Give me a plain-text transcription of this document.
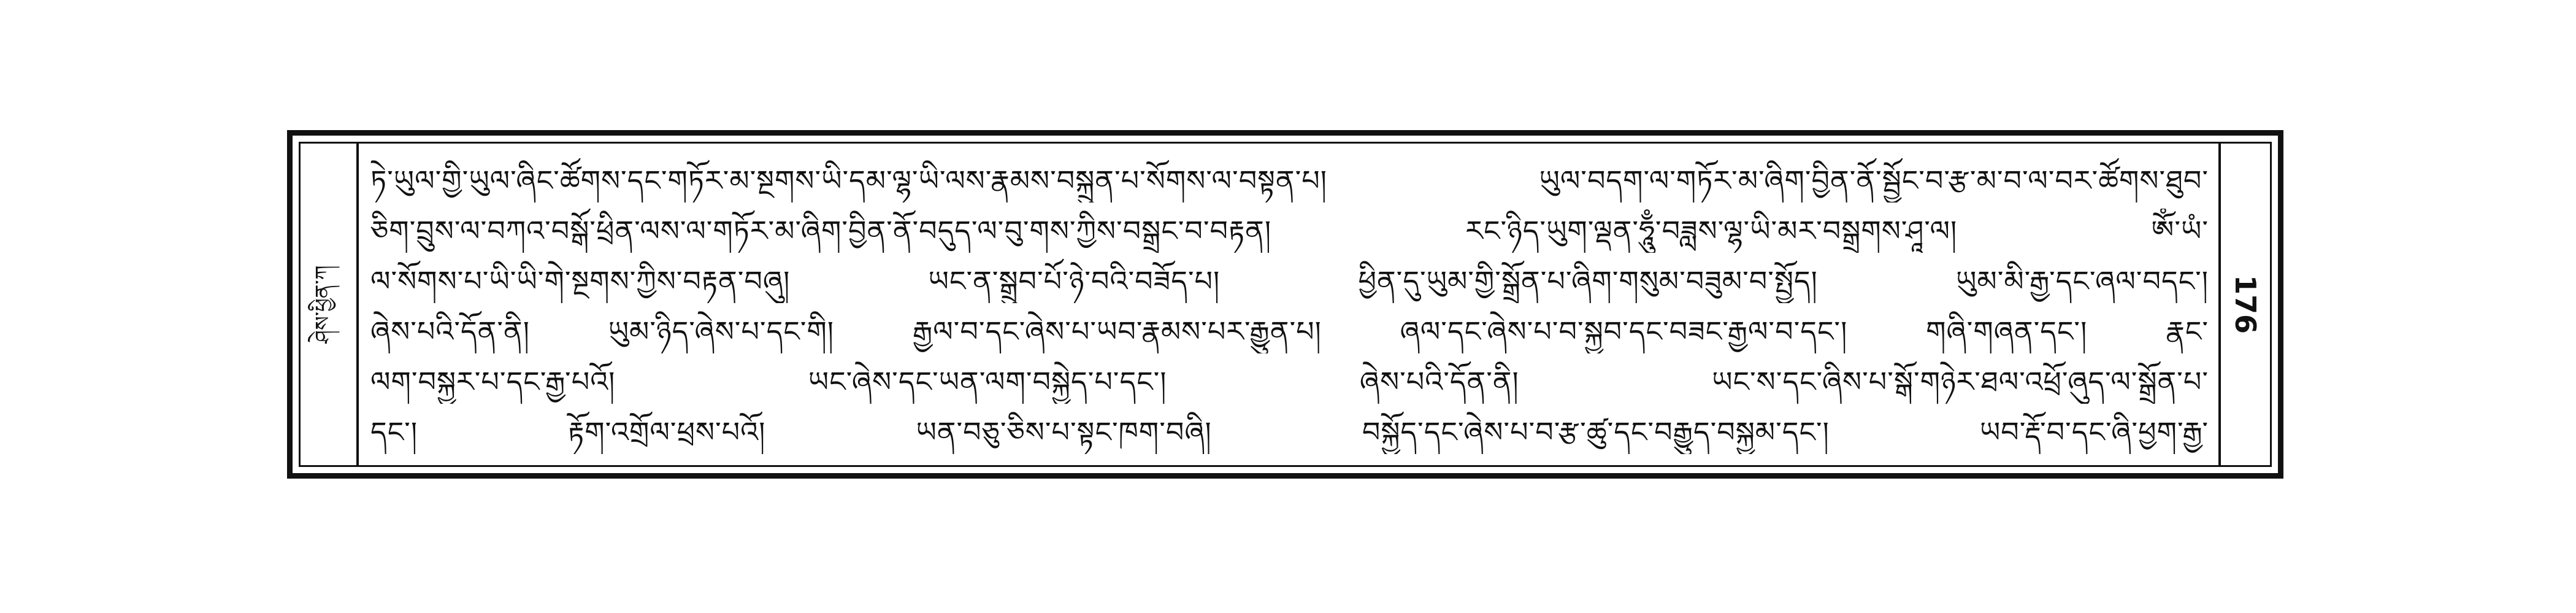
ཤེས་ཕྱིན་ཀ
ཏེ་ཡུལ་གྱི་ཡུལ་ཞིང་ཚོགས་དང་གཏོར་མ་སྔགས་ཡི་དམ་ལྷ་ཡི་ལས་རྣམས་བསྐྲུན་པ་སོགས་ལ་བསྟན་པ། ཡུལ་བདག་ལ་གཏོར་མ་ཞིག་བྱིན་ནོ་སྦྱོང་བ་རྩ་མ་བ་ལ་བར་ཚོགས་ཐུབ་
ཅིག་བྲུས་ལ་བཀའ་བསྒོ་ཕྲིན་ལས་ལ་གཏོར་མ་ཞིག་བྱིན་ནོ་བདུད་ལ་བུ་གས་ཀྱིས་བསྒྲང་བ་བརྟན། རང་ཉིད་ཡུག་ལྡན་ཧཱུྃ་བཟླས་ལྷ་ཡི་མར་བསྒྲགས་ཤཱ་ལ། ཨོཾ་ཡཾ་
ལ་སོགས་པ་ཡི་ཡི་གེ་སྔགས་ཀྱིས་བརྟན་བཞུ། ཡང་ན་སྒྲུབ་པོ་ཉེ་བའི་བཟོད་པ། ཕྱིན་དུ་ཡུམ་གྱི་སྒྲོན་པ་ཞིག་གསུམ་བཟུམ་བ་སྤྱོད། ཡུམ་མི་རྒྱ་དང་ཞལ་བདང་།
ཞེས་པའི་དོན་ནི། ཡུམ་ཉིད་ཞེས་པ་དང་གི། རྒྱལ་བ་དང་ཞེས་པ་ཡབ་རྣམས་པར་རྒྱུན་པ། ཞལ་དང་ཞེས་པ་བ་སྐྱབ་དང་བཟང་རྒྱལ་བ་དང་། གཞི་གཞན་དང་། རྣང་
ལག་བསྐྱར་པ་དང་རྒྱ་པའོ། ཡང་ཞེས་དང་ཡན་ལག་བསྐྱེད་པ་དང་། ཞེས་པའི་དོན་ནི། ཡང་ས་དང་ཞིས་པ་སྒོ་གཉེར་ཐལ་འཕྲོ་ཞུད་ལ་སྒྲོན་པ་
དང་། རྟོག་འགྲོལ་ཕྲས་པའོ། ཡན་བཅུ་ཅིས་པ་སྟང་ཁག་བཞི། བསྐྱོད་དང་ཞེས་པ་བ་རྩ་ཚུ་དང་བརྒྱུད་བསྐྱམ་དང་། ཡབ་རྡོ་བ་དང་ཞི་ཕྱག་རྒྱ་
176
